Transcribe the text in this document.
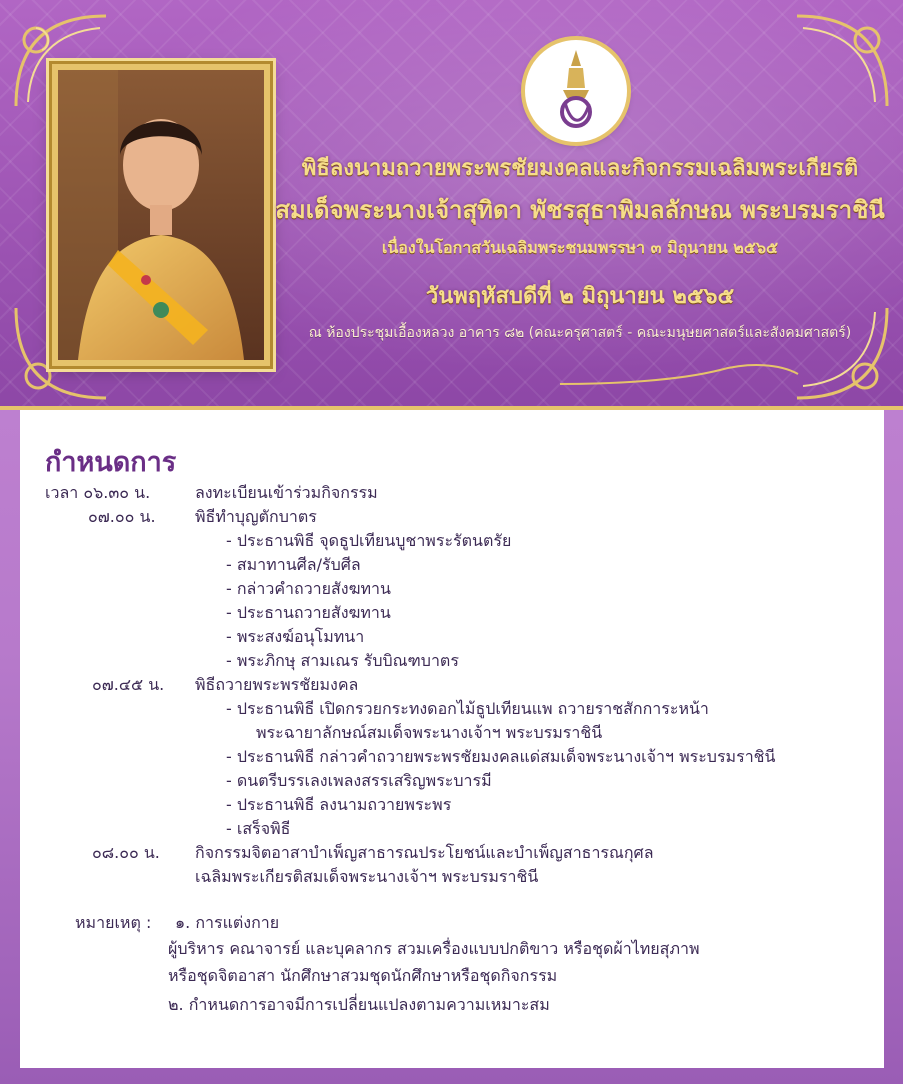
พิธีลงนามถวายพระพรชัยมงคลและกิจกรรมเฉลิมพระเกียรติ
สมเด็จพระนางเจ้าสุทิดา พัชรสุธาพิมลลักษณ พระบรมราชินี
เนื่องในโอกาสวันเฉลิมพระชนมพรรษา ๓ มิถุนายน ๒๕๖๕
วันพฤหัสบดีที่ ๒ มิถุนายน ๒๕๖๕
ณ ห้องประชุมเอื้องหลวง อาคาร ๘๒ (คณะครุศาสตร์ - คณะมนุษยศาสตร์และสังคมศาสตร์)
กำหนดการ
เวลา ๐๖.๓๐ น.	ลงทะเบียนเข้าร่วมกิจกรรม
๐๗.๐๐ น. พิธีทำบุญตักบาตร
- ประธานพิธี จุดธูปเทียนบูชาพระรัตนตรัย
- สมาทานศีล/รับศีล
- กล่าวคำถวายสังฆทาน
- ประธานถวายสังฆทาน
- พระสงฆ์อนุโมทนา
- พระภิกษุ สามเณร รับบิณฑบาตร
๐๗.๔๕ น. พิธีถวายพระพรชัยมงคล
- ประธานพิธี เปิดกรวยกระทงดอกไม้ธูปเทียนแพ ถวายราชสักการะหน้า
พระฉายาลักษณ์สมเด็จพระนางเจ้าฯ พระบรมราชินี
- ประธานพิธี กล่าวคำถวายพระพรชัยมงคลแด่สมเด็จพระนางเจ้าฯ พระบรมราชินี
- ดนตรีบรรเลงเพลงสรรเสริญพระบารมี
- ประธานพิธี ลงนามถวายพระพร
- เสร็จพิธี
๐๘.๐๐ น. กิจกรรมจิตอาสาบำเพ็ญสาธารณประโยชน์และบำเพ็ญสาธารณกุศล
เฉลิมพระเกียรติสมเด็จพระนางเจ้าฯ พระบรมราชินี
หมายเหตุ : ๑. การแต่งกาย
ผู้บริหาร คณาจารย์ และบุคลากร สวมเครื่องแบบปกติขาว หรือชุดผ้าไทยสุภาพ
หรือชุดจิตอาสา นักศึกษาสวมชุดนักศึกษาหรือชุดกิจกรรม
๒. กำหนดการอาจมีการเปลี่ยนแปลงตามความเหมาะสม
